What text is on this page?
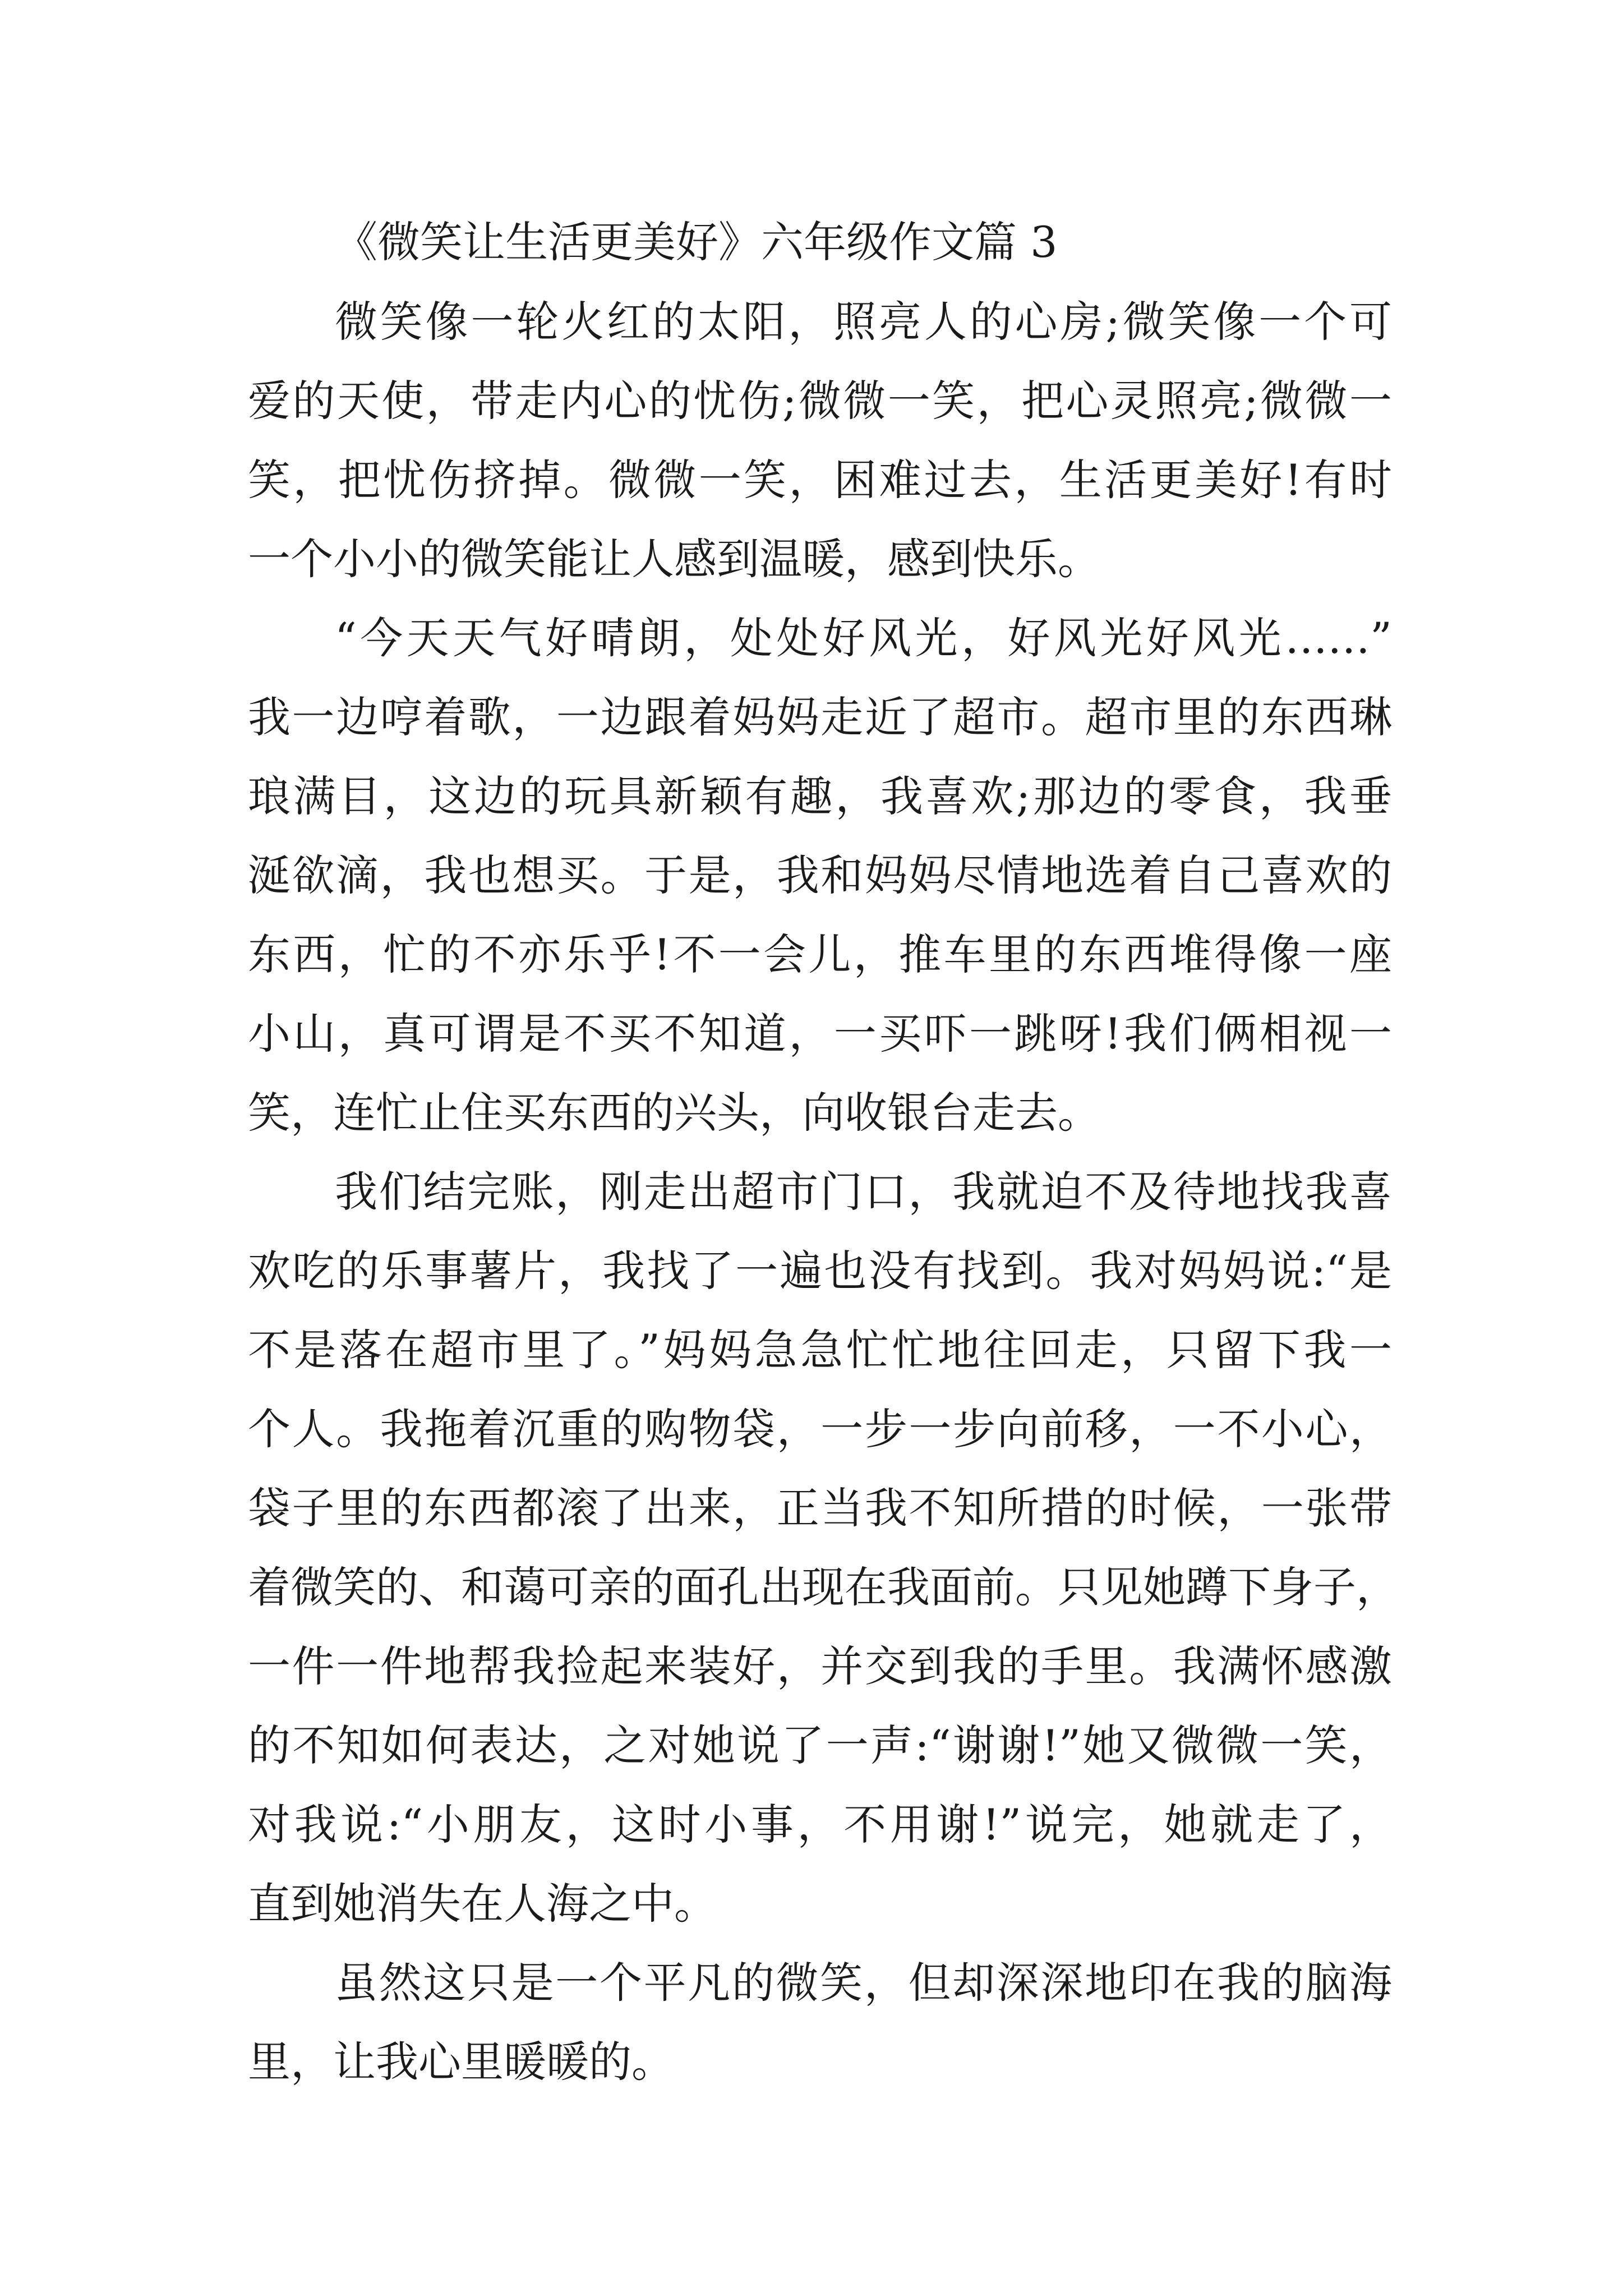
《微笑让生活更美好》六年级作文篇 3
微笑像一轮火红的太阳，照亮人的心房;微笑像一个可
爱的天使，带走内心的忧伤;微微一笑，把心灵照亮;微微一
笑，把忧伤挤掉。微微一笑，困难过去，生活更美好!有时
一个小小的微笑能让人感到温暖，感到快乐。
“今天天气好晴朗，处处好风光，好风光好风光……”
我一边哼着歌，一边跟着妈妈走近了超市。超市里的东西琳
琅满目，这边的玩具新颖有趣，我喜欢;那边的零食，我垂
涎欲滴，我也想买。于是，我和妈妈尽情地选着自己喜欢的
东西，忙的不亦乐乎!不一会儿，推车里的东西堆得像一座
小山，真可谓是不买不知道，一买吓一跳呀!我们俩相视一
笑，连忙止住买东西的兴头，向收银台走去。
我们结完账，刚走出超市门口，我就迫不及待地找我喜
欢吃的乐事薯片，我找了一遍也没有找到。我对妈妈说:“是
不是落在超市里了。”妈妈急急忙忙地往回走，只留下我一
个人。我拖着沉重的购物袋，一步一步向前移，一不小心，
袋子里的东西都滚了出来，正当我不知所措的时候，一张带
着微笑的、和蔼可亲的面孔出现在我面前。只见她蹲下身子，
一件一件地帮我捡起来装好，并交到我的手里。我满怀感激
的不知如何表达，之对她说了一声:“谢谢!”她又微微一笑，
对我说:“小朋友，这时小事，不用谢!”说完，她就走了，
直到她消失在人海之中。
虽然这只是一个平凡的微笑，但却深深地印在我的脑海
里，让我心里暖暖的。
